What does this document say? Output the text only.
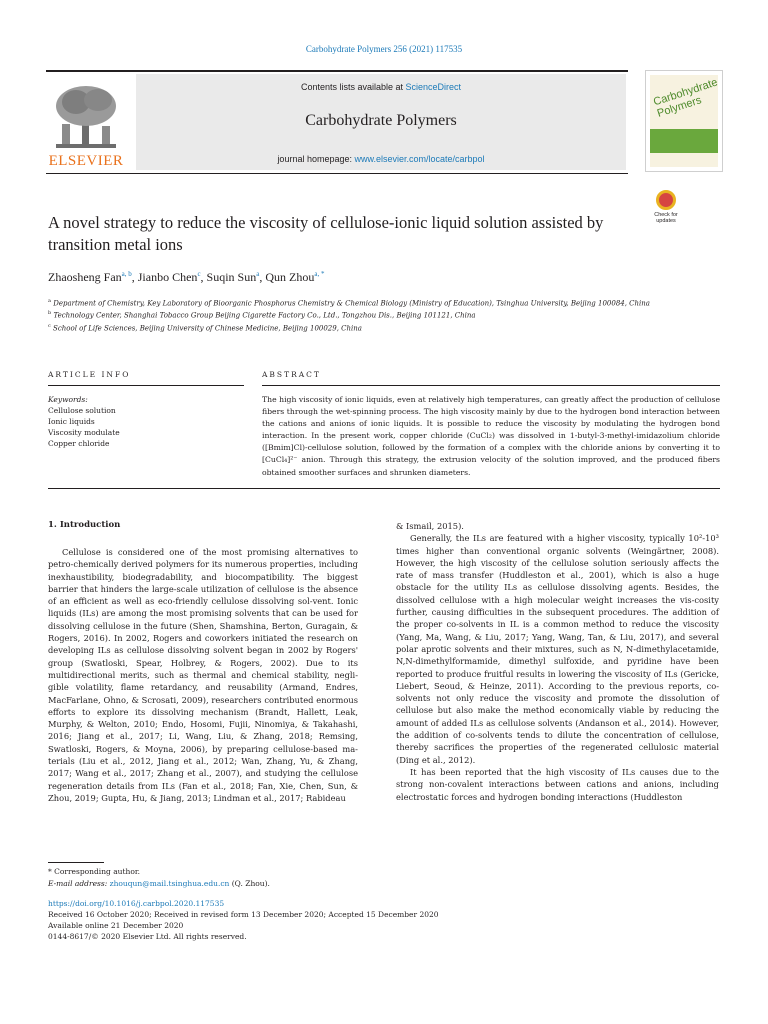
Carbohydrate Polymers 256 (2021) 117535
ELSEVIER
Contents lists available at ScienceDirect
Carbohydrate Polymers
journal homepage: www.elsevier.com/locate/carbpol
Carbohydrate Polymers
A novel strategy to reduce the viscosity of cellulose-ionic liquid solution assisted by transition metal ions
Check for
updates
Zhaosheng Fan$^{a, b}$, Jianbo Chen$^c$, Suqin Sun$^a$, Qun Zhou$^{a, *}$
$^a$ Department of Chemistry, Key Laboratory of Bioorganic Phosphorus Chemistry & Chemical Biology (Ministry of Education), Tsinghua University, Beijing 100084, China
$^b$ Technology Center, Shanghai Tobacco Group Beijing Cigarette Factory Co., Ltd., Tongzhou Dis., Beijing 101121, China
$^c$ School of Life Sciences, Beijing University of Chinese Medicine, Beijing 100029, China
ARTICLE INFO
Keywords:
Cellulose solution
Ionic liquids
Viscosity modulate
Copper chloride
ABSTRACT
The high viscosity of ionic liquids, even at relatively high temperatures, can greatly affect the production of cellulose fibers through the wet-spinning process. The high viscosity mainly by due to the hydrogen bond interaction between the cations and anions of ionic liquids. It is possible to reduce the viscosity by modulating the hydrogen bond interaction. In the present work, copper chloride (CuCl₂) was dissolved in 1-butyl-3-methyl-imidazolium chloride ([Bmim]Cl)-cellulose solution, followed by the formation of a complex with the chloride anions by converting it to [CuCl₄]²⁻ anion. Through this strategy, the extrusion velocity of the solution improved, and the produced fibers obtained smoother surfaces and shrunken diameters.
1. Introduction

Cellulose is considered one of the most promising alternatives to petro-chemically derived polymers for its numerous properties, including inexhaustibility, biodegradability, and biocompatibility. The biggest barrier that hinders the large-scale utilization of cellulose is the absence of an efficient as well as eco-friendly cellulose dissolving sol-vent. Ionic liquids (ILs) are among the most promising solvents that can be used for dissolving cellulose in the future (Shen, Shamshina, Berton, Guragain, & Rogers, 2016). In 2002, Rogers and coworkers initiated the research on developing ILs as cellulose dissolving solvent began in 2002 by Rogers' group (Swatloski, Spear, Holbrey, & Rogers, 2002). Due to its multidirectional merits, such as thermal and chemical stability, negli-gible volatility, flame retardancy, and reusability (Armand, Endres, MacFarlane, Ohno, & Scrosati, 2009), researchers contributed enormous efforts to explore its dissolving mechanism (Brandt, Hallett, Leak, Murphy, & Welton, 2010; Endo, Hosomi, Fujii, Ninomiya, & Takahashi, 2016; Jiang et al., 2017; Li, Wang, Liu, & Zhang, 2018; Remsing, Swatloski, Rogers, & Moyna, 2006), by preparing cellulose-based ma-terials (Liu et al., 2012, Jiang et al., 2012; Wan, Zhang, Yu, & Zhang, 2017; Wang et al., 2017; Zhang et al., 2007), and studying the cellulose regeneration details from ILs (Fan et al., 2018; Fan, Xie, Chen, Sun, & Zhou, 2019; Gupta, Hu, & Jiang, 2013; Lindman et al., 2017; Rabideau

& Ismail, 2015).

Generally, the ILs are featured with a higher viscosity, typically 10²-10³ times higher than conventional organic solvents (Weingärtner, 2008). However, the high viscosity of the cellulose solution seriously affects the rate of mass transfer (Huddleston et al., 2001), which is also a huge obstacle for the utility ILs as cellulose dissolving agents. Besides, the dissolved cellulose with a high molecular weight increases the vis-cosity further, causing difficulties in the subsequent procedures. The addition of the proper co-solvents in IL is a common method to reduce the viscosity (Yang, Ma, Wang, & Liu, 2017; Yang, Wang, Tan, & Liu, 2017), and several polar aprotic solvents and their mixtures, such as N, N-dimethylacetamide, N,N-dimethylformamide, dimethyl sulfoxide, and pyridine have been reported to produce fruitful results in lowering the viscosity of ILs (Gericke, Liebert, Seoud, & Heinze, 2011). According to the previous reports, co-solvents not only reduce the viscosity and promote the dissolution of cellulose but also make the method economically viable by reducing the amount of added ILs as cellulose solvents (Andanson et al., 2014). However, the addition of co-solvents tends to dilute the concentration of cellulose, thereby sacrifices the properties of the regenerated cellulosic material (Ding et al., 2012).

It has been reported that the high viscosity of ILs causes due to the strong non-covalent interactions between cations and anions, including electrostatic forces and hydrogen bonding interactions (Huddleston

* Corresponding author.
E-mail address: zhouqun@mail.tsinghua.edu.cn (Q. Zhou).
https://doi.org/10.1016/j.carbpol.2020.117535
Received 16 October 2020; Received in revised form 13 December 2020; Accepted 15 December 2020
Available online 21 December 2020
0144-8617/© 2020 Elsevier Ltd. All rights reserved.
